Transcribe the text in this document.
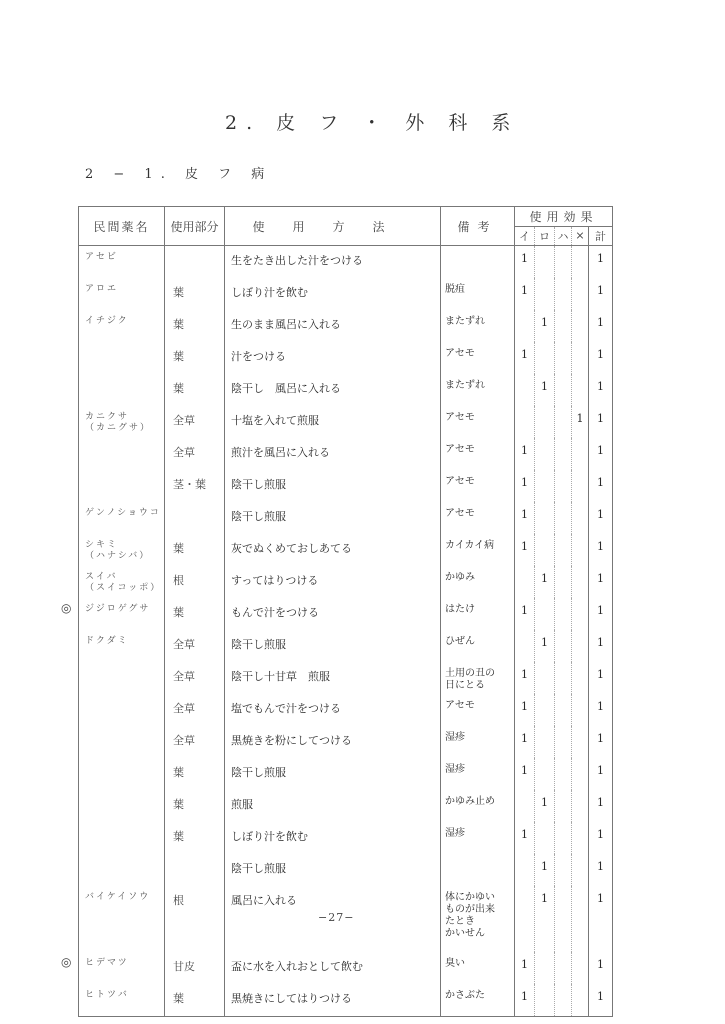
2. 皮 フ ・ 外 科 系
2 − 1. 皮 フ 病
民間薬名	使用部分	使用方法	備考	使用効果				
				イ	ロ	ハ	×	計

アセビ		生をたき出した汁をつける		1				1

アロエ	葉	しぼり汁を飲む	脱疽	1				1

イチジク	葉	生のまま風呂に入れる	またずれ		1			1

	葉	汁をつける	アセモ	1				1

	葉	陰干し　風呂に入れる	またずれ		1			1

カニクサ
（カニグサ）	全草	十塩を入れて煎服	アセモ				1	1

	全草	煎汁を風呂に入れる	アセモ	1				1

	茎・葉	陰干し煎服	アセモ	1				1

ゲンノショウコ		陰干し煎服	アセモ	1				1

シキミ
（ハナシバ）	葉	灰でぬくめておしあてる	カイカイ病	1				1

スイバ
（スイコッポ）	根	すってはりつける	かゆみ		1			1

◎ ジジロゲグサ	葉	もんで汁をつける	はたけ	1				1

ドクダミ	全草	陰干し煎服	ひぜん		1			1

	全草	陰干し十甘草　煎服	土用の丑の
日にとる	1				1

	全草	塩でもんで汁をつける	アセモ	1				1

	全草	黒焼きを粉にしてつける	湿疹	1				1

	葉	陰干し煎服	湿疹	1				1

	葉	煎服	かゆみ止め		1			1

	葉	しぼり汁を飲む	湿疹	1				1

		陰干し煎服			1			1

バイケイソウ	根	風呂に入れる	体にかゆい
ものが出来
たとき
かいせん		1			1

◎ ヒデマツ	甘皮	盃に水を入れおとして飲む	臭い	1				1

ヒトツバ	葉	黒焼きにしてはりつける	かさぶた	1				1
−27−
